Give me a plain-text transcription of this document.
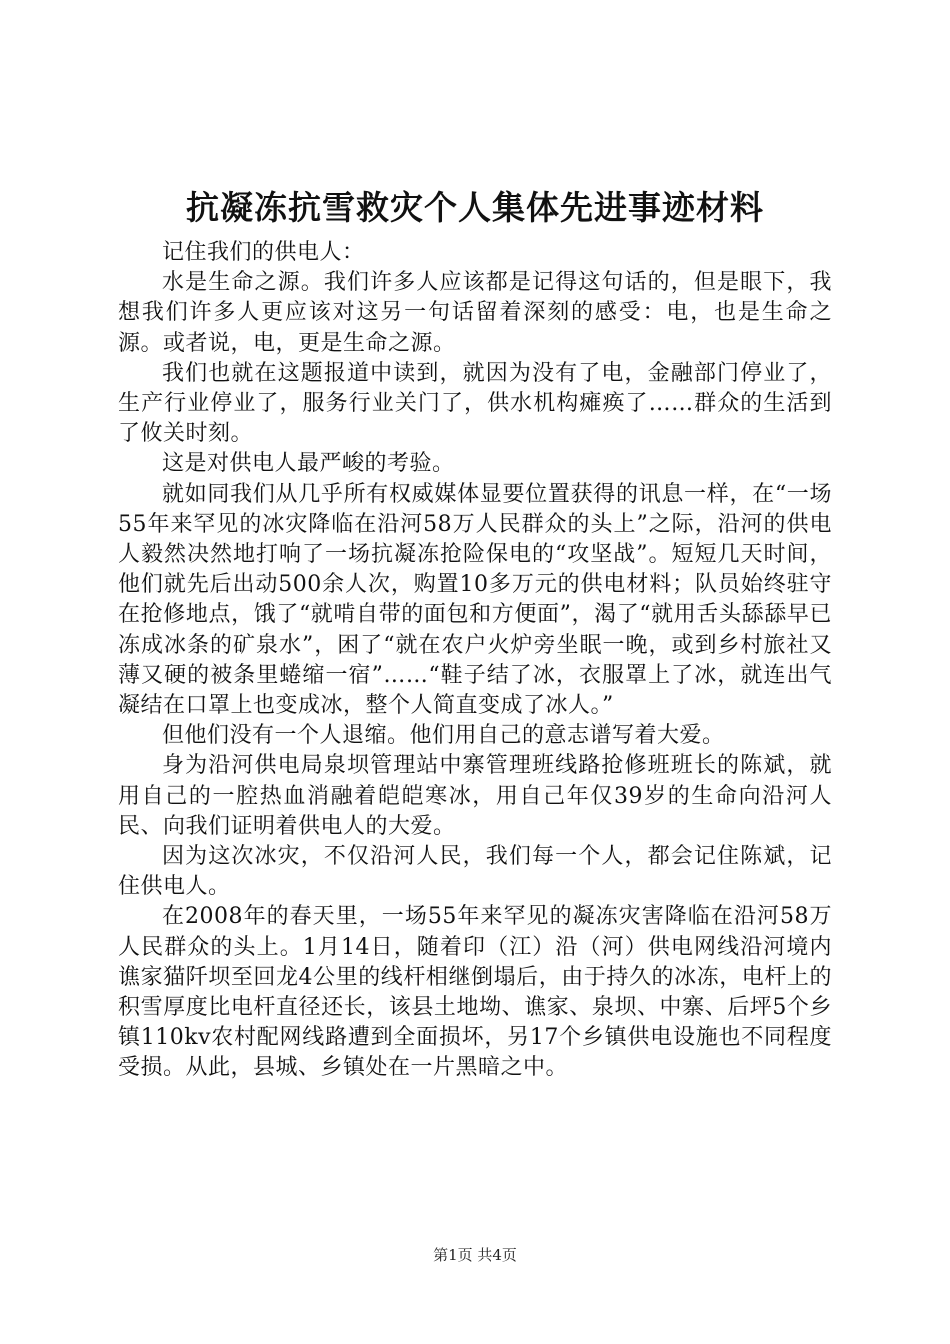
抗凝冻抗雪救灾个人集体先进事迹材料

记住我们的供电人：

水是生命之源。我们许多人应该都是记得这句话的，但是眼下，我想我们许多人更应该对这另一句话留着深刻的感受：电，也是生命之源。或者说，电，更是生命之源。

我们也就在这题报道中读到，就因为没有了电，金融部门停业了，生产行业停业了，服务行业关门了，供水机构瘫痪了……群众的生活到了攸关时刻。

这是对供电人最严峻的考验。

就如同我们从几乎所有权威媒体显要位置获得的讯息一样，在“一场55年来罕见的冰灾降临在沿河58万人民群众的头上”之际，沿河的供电人毅然决然地打响了一场抗凝冻抢险保电的“攻坚战”。短短几天时间，他们就先后出动500余人次，购置10多万元的供电材料；队员始终驻守在抢修地点，饿了“就啃自带的面包和方便面”，渴了“就用舌头舔舔早已冻成冰条的矿泉水”，困了“就在农户火炉旁坐眠一晚，或到乡村旅社又薄又硬的被条里蜷缩一宿”……“鞋子结了冰，衣服罩上了冰，就连出气凝结在口罩上也变成冰，整个人简直变成了冰人。”

但他们没有一个人退缩。他们用自己的意志谱写着大爱。

身为沿河供电局泉坝管理站中寨管理班线路抢修班班长的陈斌，就用自己的一腔热血消融着皑皑寒冰，用自己年仅39岁的生命向沿河人民、向我们证明着供电人的大爱。

因为这次冰灾，不仅沿河人民，我们每一个人，都会记住陈斌，记住供电人。

在2008年的春天里，一场55年来罕见的凝冻灾害降临在沿河58万人民群众的头上。1月14日，随着印（江）沿（河）供电网线沿河境内谯家猫阡坝至回龙4公里的线杆相继倒塌后，由于持久的冰冻，电杆上的积雪厚度比电杆直径还长，该县土地坳、谯家、泉坝、中寨、后坪5个乡镇110kv农村配网线路遭到全面损坏，另17个乡镇供电设施也不同程度受损。从此，县城、乡镇处在一片黑暗之中。

第1页 共4页
